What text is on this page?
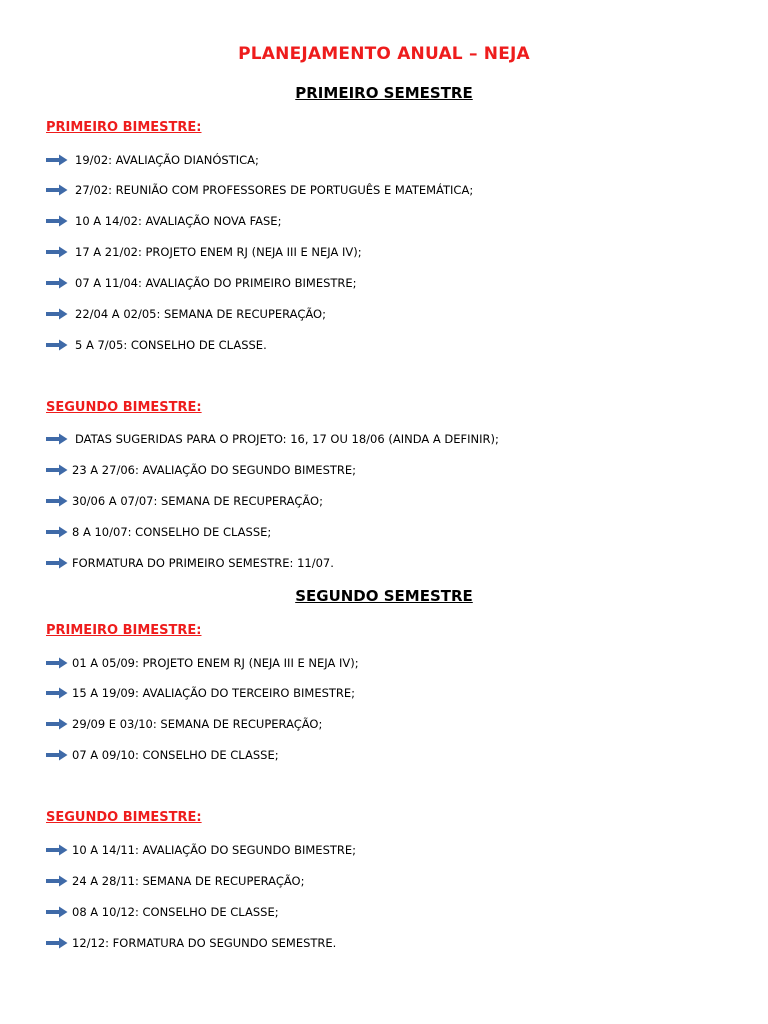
PLANEJAMENTO ANUAL – NEJA
PRIMEIRO SEMESTRE
PRIMEIRO BIMESTRE:
19/02: AVALIAÇÃO DIANÓSTICA;
27/02: REUNIÃO COM PROFESSORES DE PORTUGUÊS E MATEMÁTICA;
10 A 14/02: AVALIAÇÃO NOVA FASE;
17 A 21/02: PROJETO ENEM RJ (NEJA III E NEJA IV);
07 A 11/04: AVALIAÇÃO DO PRIMEIRO BIMESTRE;
22/04 A 02/05: SEMANA DE RECUPERAÇÃO;
5 A 7/05: CONSELHO DE CLASSE.
SEGUNDO BIMESTRE:
DATAS SUGERIDAS PARA O PROJETO: 16, 17 OU 18/06 (AINDA A DEFINIR);
23 A 27/06: AVALIAÇÃO DO SEGUNDO BIMESTRE;
30/06 A 07/07: SEMANA DE RECUPERAÇÃO;
8 A 10/07: CONSELHO DE CLASSE;
FORMATURA DO PRIMEIRO SEMESTRE: 11/07.
SEGUNDO SEMESTRE
PRIMEIRO BIMESTRE:
01 A 05/09: PROJETO ENEM RJ (NEJA III E NEJA IV);
15 A 19/09: AVALIAÇÃO DO TERCEIRO BIMESTRE;
29/09 E 03/10: SEMANA DE RECUPERAÇÃO;
07 A 09/10: CONSELHO DE CLASSE;
SEGUNDO BIMESTRE:
10 A 14/11: AVALIAÇÃO DO SEGUNDO BIMESTRE;
24 A 28/11: SEMANA DE RECUPERAÇÃO;
08 A 10/12: CONSELHO DE CLASSE;
12/12: FORMATURA DO SEGUNDO SEMESTRE.
